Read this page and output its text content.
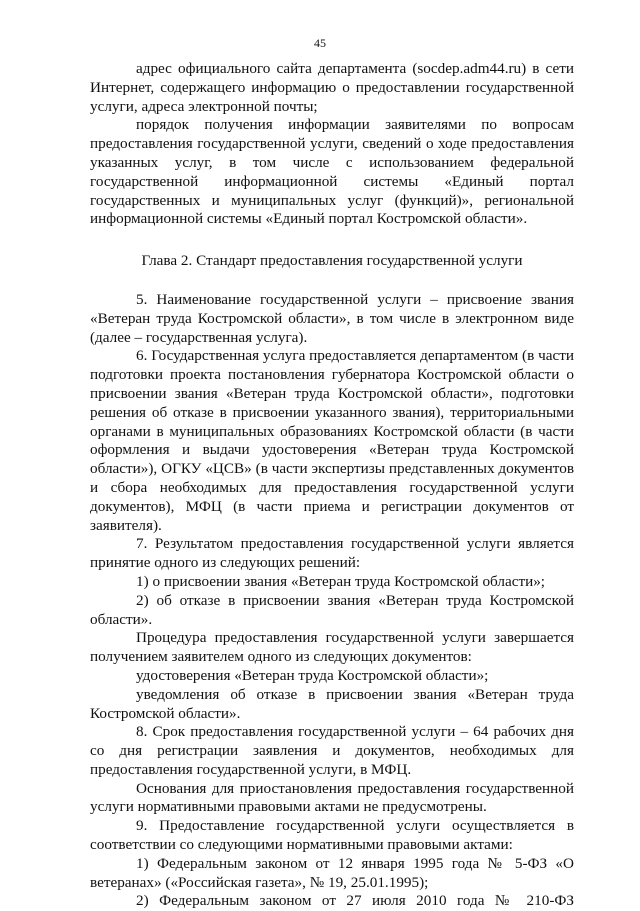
45

адрес официального сайта департамента (socdep.adm44.ru) в сети Интернет, содержащего информацию о предоставлении государственной услуги, адреса электронной почты;

порядок получения информации заявителями по вопросам предоставления государственной услуги, сведений о ходе предоставления указанных услуг, в том числе с использованием федеральной государственной информационной системы «Единый портал государственных и муниципальных услуг (функций)», региональной информационной системы «Единый портал Костромской области».

Глава 2. Стандарт предоставления государственной услуги

5. Наименование государственной услуги – присвоение звания «Ветеран труда Костромской области», в том числе в электронном виде (далее – государственная услуга).

6. Государственная услуга предоставляется департаментом (в части подготовки проекта постановления губернатора Костромской области о присвоении звания «Ветеран труда Костромской области», подготовки решения об отказе в присвоении указанного звания), территориальными органами в муниципальных образованиях Костромской области (в части оформления и выдачи удостоверения «Ветеран труда Костромской области»), ОГКУ «ЦСВ» (в части экспертизы представленных документов и сбора необходимых для предоставления государственной услуги документов), МФЦ (в части приема и регистрации документов от заявителя).

7. Результатом предоставления государственной услуги является принятие одного из следующих решений:

1) о присвоении звания «Ветеран труда Костромской области»;

2) об отказе в присвоении звания «Ветеран труда Костромской области».

Процедура предоставления государственной услуги завершается получением заявителем одного из следующих документов:

удостоверения «Ветеран труда Костромской области»;

уведомления об отказе в присвоении звания «Ветеран труда Костромской области».

8. Срок предоставления государственной услуги – 64 рабочих дня со дня регистрации заявления и документов, необходимых для предоставления государственной услуги, в МФЦ.

Основания для приостановления предоставления государственной услуги нормативными правовыми актами не предусмотрены.

9. Предоставление государственной услуги осуществляется в соответствии со следующими нормативными правовыми актами:

1) Федеральным законом от 12 января 1995 года № 5-ФЗ «О ветеранах» («Российская газета», № 19, 25.01.1995);

2) Федеральным законом от 27 июля 2010 года № 210-ФЗ
